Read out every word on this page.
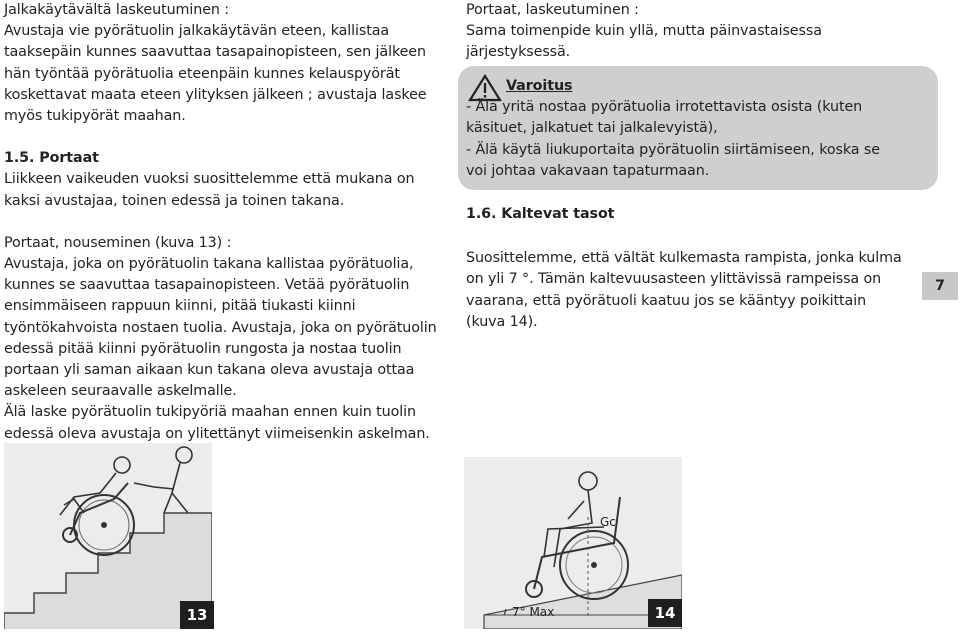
Jalkakäytävältä laskeutuminen :
Avustaja vie pyörätuolin jalkakäytävän eteen, kallistaa
taaksepäin kunnes saavuttaa tasapainopisteen, sen jälkeen
hän työntää pyörätuolia eteenpäin kunnes kelauspyörät
koskettavat maata eteen ylityksen jälkeen ; avustaja laskee
myös tukipyörät maahan.
1.5. Portaat
Liikkeen vaikeuden vuoksi suosittelemme että mukana on
kaksi avustajaa, toinen edessä ja toinen takana.
Portaat, nouseminen (kuva 13) :
Avustaja, joka on pyörätuolin takana kallistaa pyörätuolia,
kunnes se saavuttaa tasapainopisteen. Vetää pyörätuolin
ensimmäiseen rappuun kiinni, pitää tiukasti kiinni
työntökahvoista nostaen tuolia. Avustaja, joka on pyörätuolin
edessä pitää kiinni pyörätuolin rungosta ja nostaa tuolin
portaan yli saman aikaan kun takana oleva avustaja ottaa
askeleen seuraavalle askelmalle.
Älä laske pyörätuolin tukipyöriä maahan ennen kuin tuolin
edessä oleva avustaja on ylitettänyt viimeisenkin askelman.
Portaat, laskeutuminen :
Sama toimenpide kuin yllä, mutta päinvastaisessa
järjestyksessä.
Varoitus
- Älä yritä nostaa pyörätuolia irrotettavista osista (kuten
käsituet, jalkatuet tai jalkalevyistä),
- Älä käytä liukuportaita pyörätuolin siirtämiseen, koska se
voi johtaa vakavaan tapaturmaan.
1.6. Kaltevat tasot
Suosittelemme, että vältät kulkemasta rampista, jonka kulma
on yli 7 °. Tämän kaltevuusasteen ylittävissä rampeissa on
vaarana, että pyörätuoli kaatuu jos se kääntyy poikittain
(kuva 14).
7
13
Gc
7° Max	14
